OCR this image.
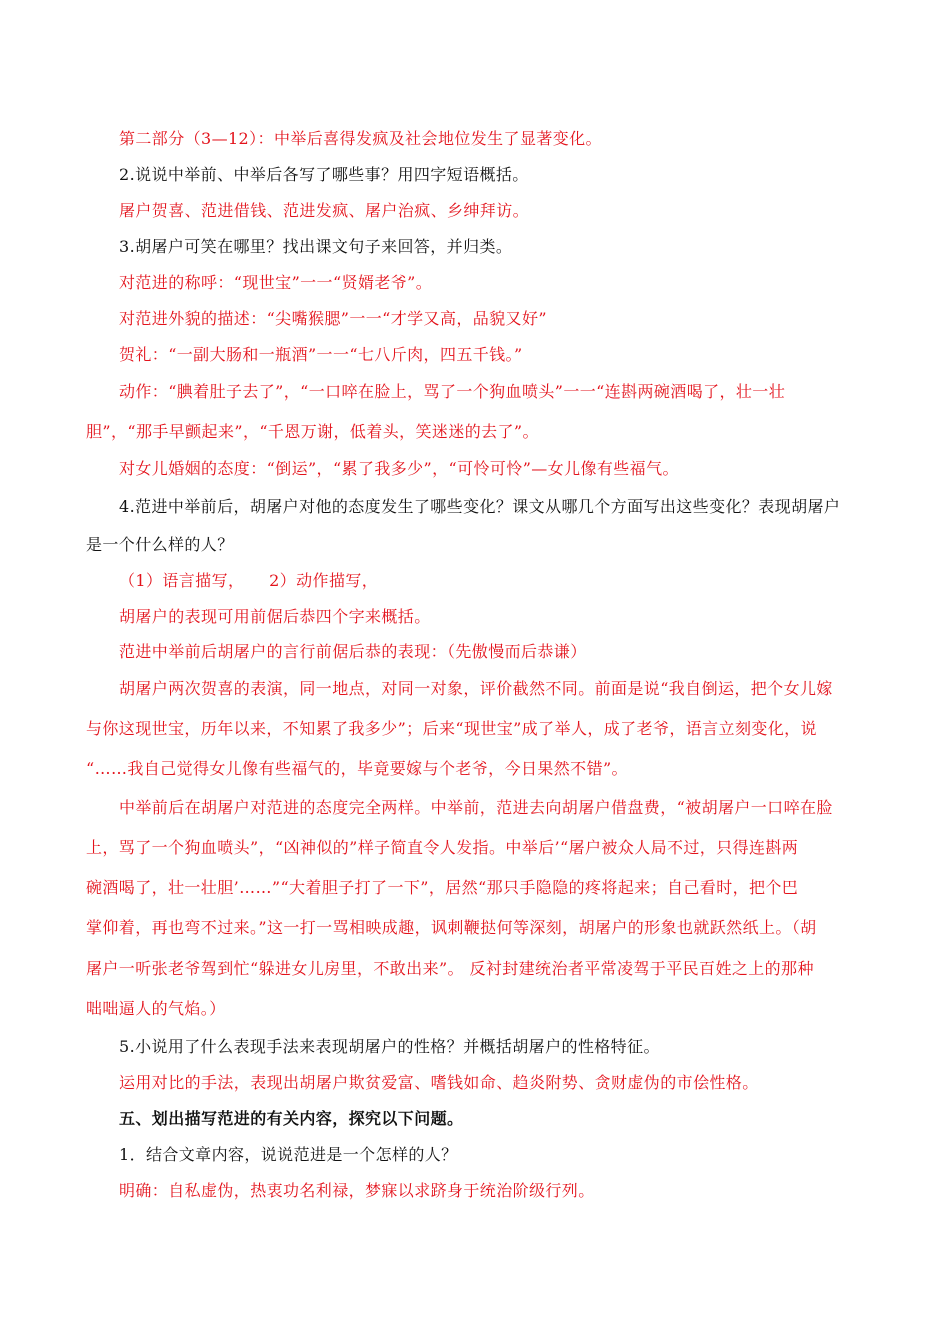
第二部分（3—12）：中举后喜得发疯及社会地位发生了显著变化。
2.说说中举前、中举后各写了哪些事？用四字短语概括。
屠户贺喜、范进借钱、范进发疯、屠户治疯、乡绅拜访。
3.胡屠户可笑在哪里？找出课文句子来回答，并归类。
对范进的称呼：“现世宝”一一“贤婿老爷”。
对范进外貌的描述：“尖嘴猴腮”一一“才学又高，品貌又好”
贺礼：“一副大肠和一瓶酒”一一“七八斤肉，四五千钱。”
动作：“腆着肚子去了”，“一口啐在脸上，骂了一个狗血喷头”一一“连斟两碗酒喝了，壮一壮
胆”，“那手早颤起来”，“千恩万谢，低着头，笑迷迷的去了”。
对女儿婚姻的态度：“倒运”，“累了我多少”，“可怜可怜”—女儿像有些福气。
4.范进中举前后，胡屠户对他的态度发生了哪些变化？课文从哪几个方面写出这些变化？表现胡屠户
是一个什么样的人？
（1）语言描写，　　2）动作描写，
胡屠户的表现可用前倨后恭四个字来概括。
范进中举前后胡屠户的言行前倨后恭的表现：（先傲慢而后恭谦）
胡屠户两次贺喜的表演，同一地点，对同一对象，评价截然不同。前面是说“我自倒运，把个女儿嫁
与你这现世宝，历年以来，不知累了我多少”；后来“现世宝”成了举人，成了老爷，语言立刻变化，说
“……我自己觉得女儿像有些福气的，毕竟要嫁与个老爷，今日果然不错”。
中举前后在胡屠户对范进的态度完全两样。中举前，范进去向胡屠户借盘费，“被胡屠户一口啐在脸
上，骂了一个狗血喷头”，“凶神似的”样子简直令人发指。中举后’“屠户被众人局不过，只得连斟两
碗酒喝了，壮一壮胆’……”“大着胆子打了一下”，居然“那只手隐隐的疼将起来；自己看时，把个巴
掌仰着，再也弯不过来。”这一打一骂相映成趣，讽刺鞭挞何等深刻，胡屠户的形象也就跃然纸上。（胡
屠户一听张老爷驾到忙“躲进女儿房里，不敢出来”。 反衬封建统治者平常凌驾于平民百姓之上的那种
咄咄逼人的气焰。）
5.小说用了什么表现手法来表现胡屠户的性格？并概括胡屠户的性格特征。
运用对比的手法，表现出胡屠户欺贫爱富、嗜钱如命、趋炎附势、贪财虚伪的市侩性格。
五、划出描写范进的有关内容，探究以下问题。
1．结合文章内容，说说范进是一个怎样的人？
明确：自私虚伪，热衷功名利禄，梦寐以求跻身于统治阶级行列。
